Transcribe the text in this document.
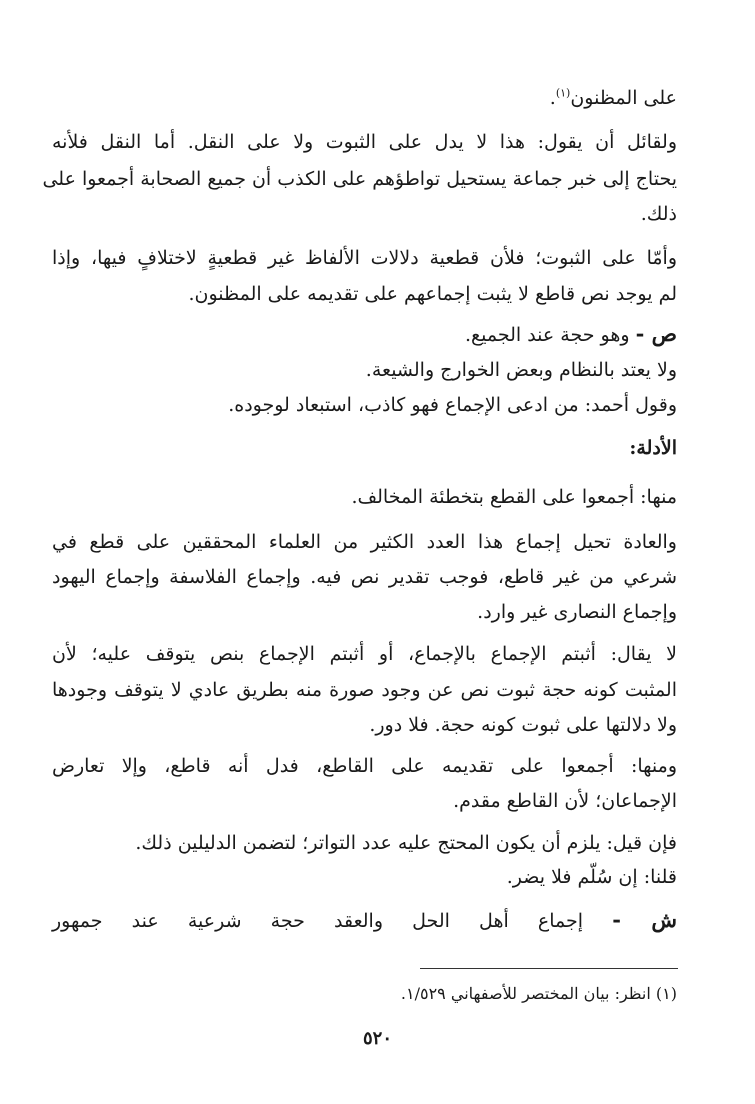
على المظنون$^{(١)}$.
ولقائل أن يقول: هذا لا يدل على الثبوت ولا على النقل. أما النقل فلأنه
يحتاج إلى خبر جماعة يستحيل تواطؤهم على الكذب أن جميع الصحابة أجمعوا على
ذلك.
وأمّا على الثبوت؛ فلأن قطعية دلالات الألفاظ غير قطعيةٍ لاختلافٍ فيها، وإذا
لم يوجد نص قاطع لا يثبت إجماعهم على تقديمه على المظنون.
ص - وهو حجة عند الجميع.
ولا يعتد بالنظام وبعض الخوارج والشيعة.
وقول أحمد: من ادعى الإجماع فهو كاذب، استبعاد لوجوده.
الأدلة:
منها: أجمعوا على القطع بتخطئة المخالف.
والعادة تحيل إجماع هذا العدد الكثير من العلماء المحققين على قطع في
شرعي من غير قاطع، فوجب تقدير نص فيه. وإجماع الفلاسفة وإجماع اليهود
وإجماع النصارى غير وارد.
لا يقال: أثبتم الإجماع بالإجماع، أو أثبتم الإجماع بنص يتوقف عليه؛ لأن
المثبت كونه حجة ثبوت نص عن وجود صورة منه بطريق عادي لا يتوقف وجودها
ولا دلالتها على ثبوت كونه حجة. فلا دور.
ومنها: أجمعوا على تقديمه على القاطع، فدل أنه قاطع، وإلا تعارض
الإجماعان؛ لأن القاطع مقدم.
فإن قيل: يلزم أن يكون المحتج عليه عدد التواتر؛ لتضمن الدليلين ذلك.
قلنا: إن سُلّم فلا يضر.
ش - إجماع أهل الحل والعقد حجة شرعية عند جمهور
(١) انظر: بيان المختصر للأصفهاني ١/٥٢٩.
٥٢٠
